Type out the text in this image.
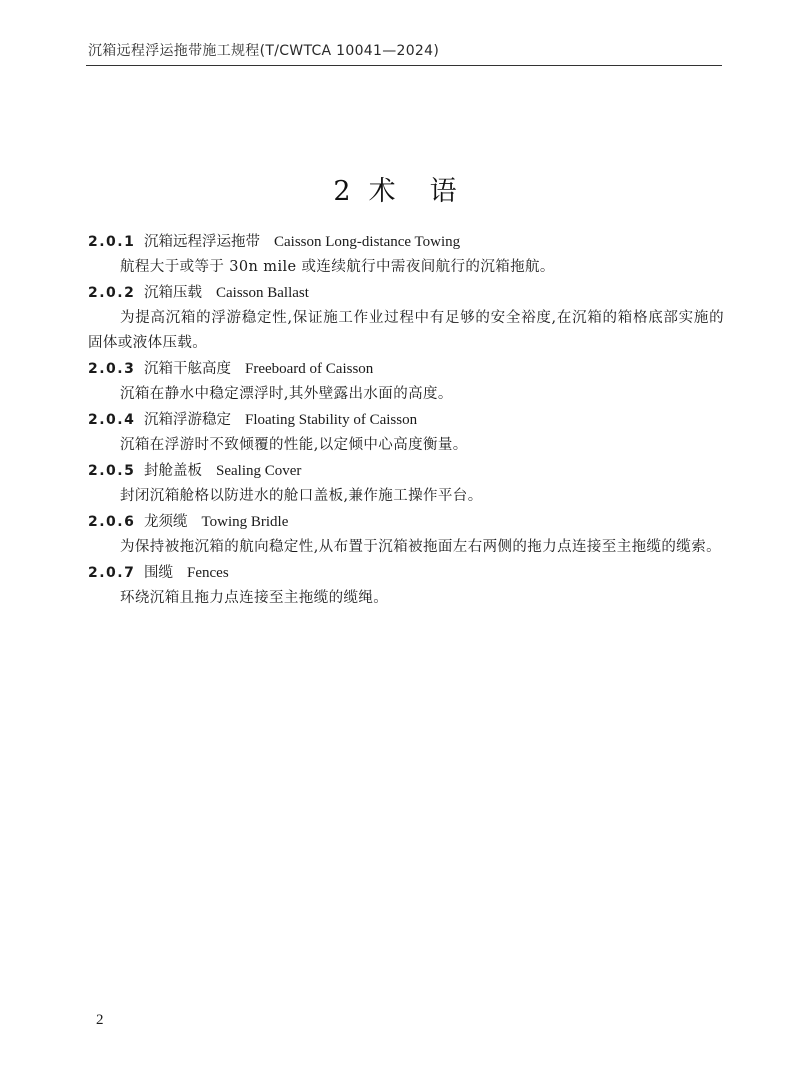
沉箱远程浮运拖带施工规程(T/CWTCA 10041—2024)
2 术语
2.0.1 沉箱远程浮运拖带 Caisson Long-distance Towing
航程大于或等于 30n mile 或连续航行中需夜间航行的沉箱拖航。
2.0.2 沉箱压载 Caisson Ballast
为提高沉箱的浮游稳定性,保证施工作业过程中有足够的安全裕度,在沉箱的箱格底部实施的固体或液体压载。
2.0.3 沉箱干舷高度 Freeboard of Caisson
沉箱在静水中稳定漂浮时,其外壁露出水面的高度。
2.0.4 沉箱浮游稳定 Floating Stability of Caisson
沉箱在浮游时不致倾覆的性能,以定倾中心高度衡量。
2.0.5 封舱盖板 Sealing Cover
封闭沉箱舱格以防进水的舱口盖板,兼作施工操作平台。
2.0.6 龙须缆 Towing Bridle
为保持被拖沉箱的航向稳定性,从布置于沉箱被拖面左右两侧的拖力点连接至主拖缆的缆索。
2.0.7 围缆 Fences
环绕沉箱且拖力点连接至主拖缆的缆绳。
2
